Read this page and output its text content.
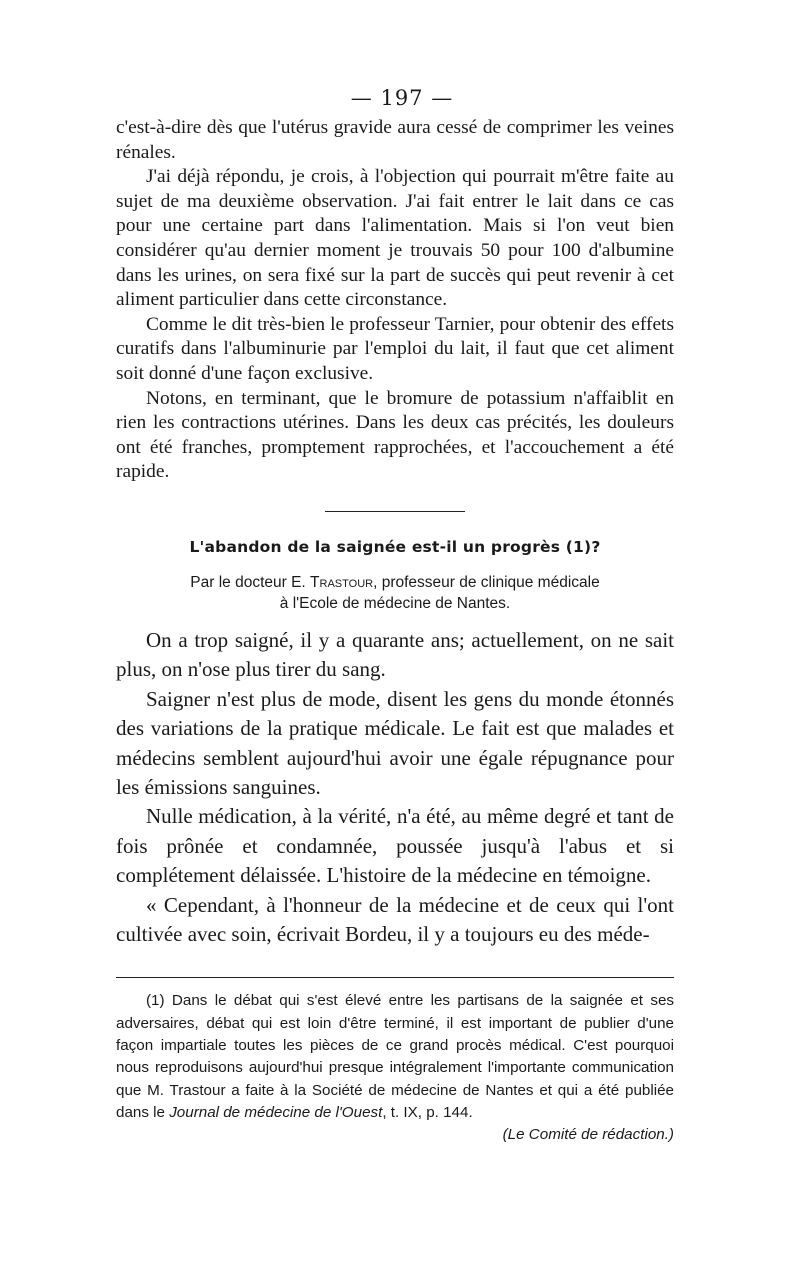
— 197 —

c'est-à-dire dès que l'utérus gravide aura cessé de comprimer les veines rénales.

J'ai déjà répondu, je crois, à l'objection qui pourrait m'être faite au sujet de ma deuxième observation. J'ai fait entrer le lait dans ce cas pour une certaine part dans l'alimentation. Mais si l'on veut bien considérer qu'au dernier moment je trouvais 50 pour 100 d'albumine dans les urines, on sera fixé sur la part de succès qui peut revenir à cet aliment particulier dans cette circonstance.

Comme le dit très-bien le professeur Tarnier, pour obtenir des effets curatifs dans l'albuminurie par l'emploi du lait, il faut que cet aliment soit donné d'une façon exclusive.

Notons, en terminant, que le bromure de potassium n'affaiblit en rien les contractions utérines. Dans les deux cas précités, les douleurs ont été franches, promptement rapprochées, et l'accouchement a été rapide.

L'abandon de la saignée est-il un progrès (1)?
Par le docteur E. Trastour, professeur de clinique médicale
à l'Ecole de médecine de Nantes.

On a trop saigné, il y a quarante ans; actuellement, on ne sait plus, on n'ose plus tirer du sang.

Saigner n'est plus de mode, disent les gens du monde étonnés des variations de la pratique médicale. Le fait est que malades et médecins semblent aujourd'hui avoir une égale répugnance pour les émissions sanguines.

Nulle médication, à la vérité, n'a été, au même degré et tant de fois prônée et condamnée, poussée jusqu'à l'abus et si complétement délaissée. L'histoire de la médecine en témoigne.

« Cependant, à l'honneur de la médecine et de ceux qui l'ont cultivée avec soin, écrivait Bordeu, il y a toujours eu des méde-

(1) Dans le débat qui s'est élevé entre les partisans de la saignée et ses adversaires, débat qui est loin d'être terminé, il est important de publier d'une façon impartiale toutes les pièces de ce grand procès médical. C'est pourquoi nous reproduisons aujourd'hui presque intégralement l'importante communication que M. Trastour a faite à la Société de médecine de Nantes et qui a été publiée dans le Journal de médecine de l'Ouest, t. IX, p. 144.
(Le Comité de rédaction.)
